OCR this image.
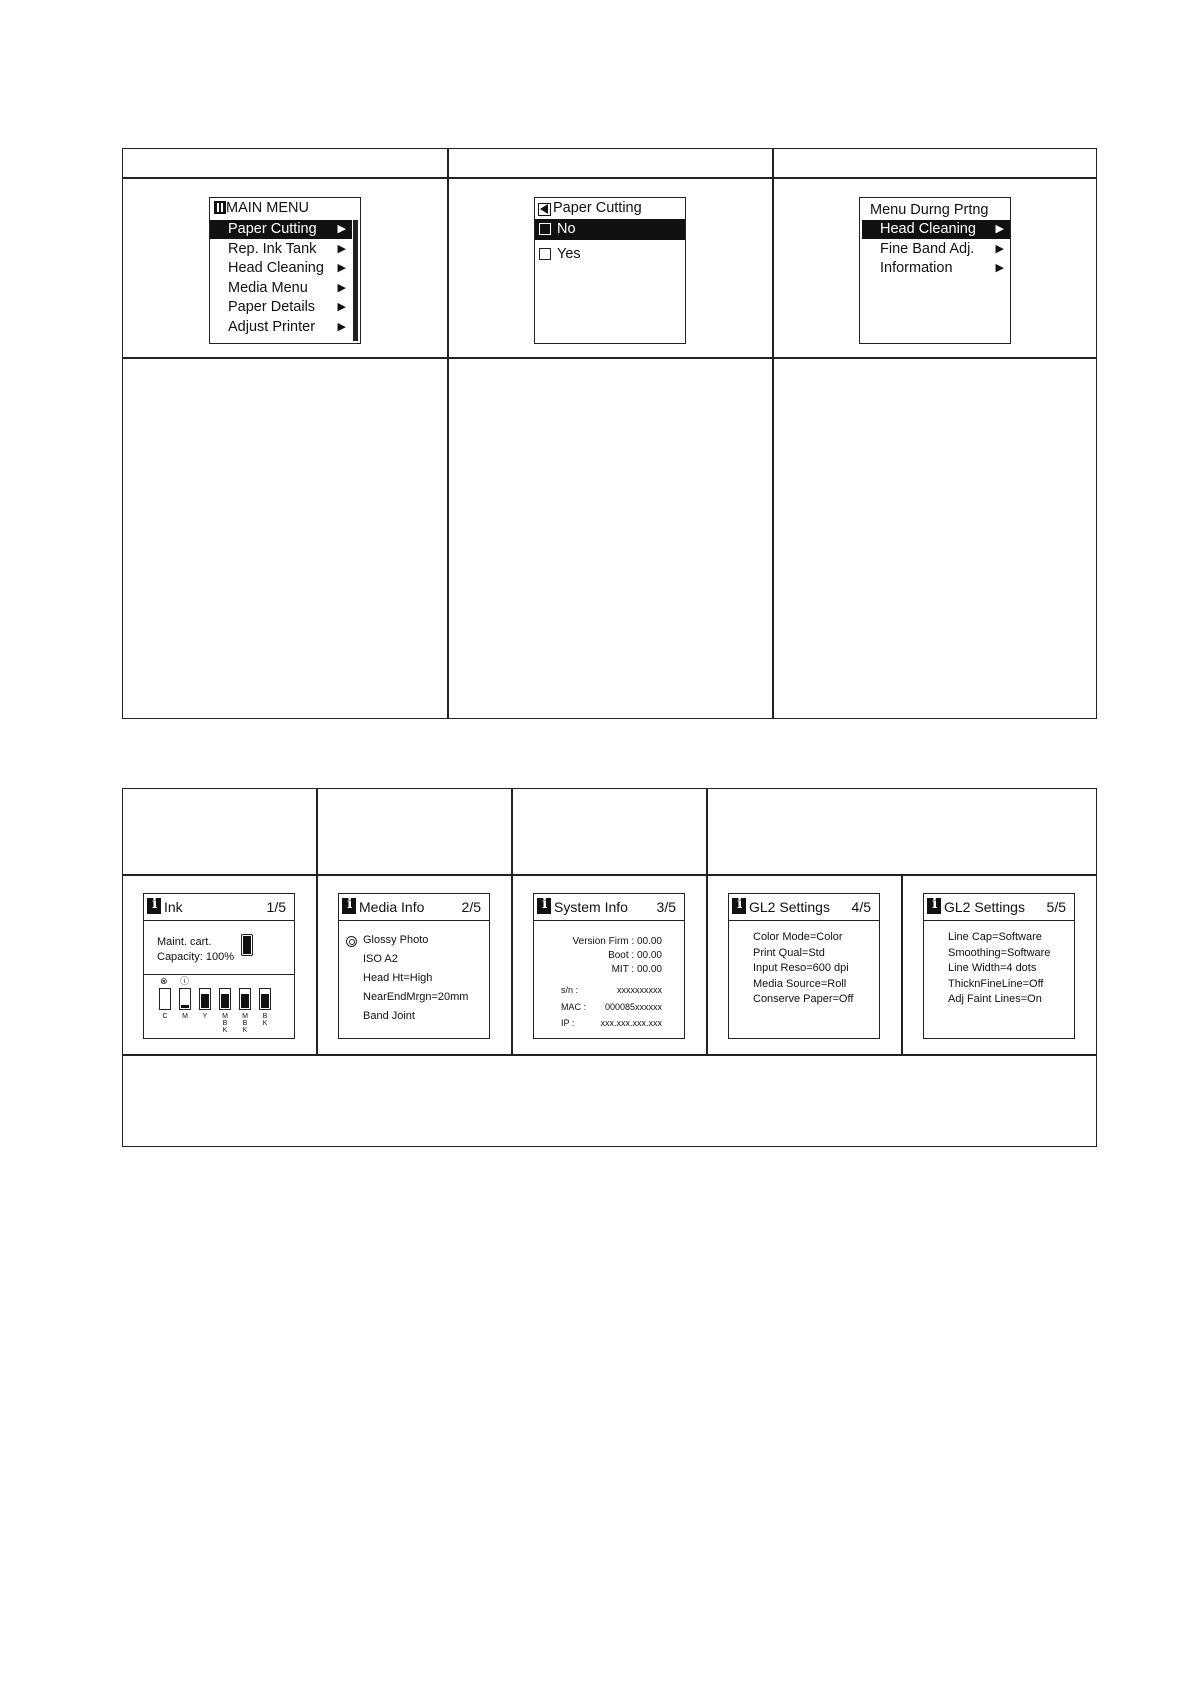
MAIN MENU
Paper Cutting ▶
Rep. Ink Tank ▶
Head Cleaning ▶
Media Menu	▶
Paper Details ▶
Adjust Printer ▶
Paper Cutting
No
Yes
Menu Durng Prtng
Head Cleaning ▶
Fine Band Adj. ▶
Information	▶
i
Ink	1/5
Maint. cart.
Capacity: 100%
⊗ ⓘ
C	M	Y	M
B
K
M
B
K
B
K
i
Media Info	2/5
Glossy Photo
ISO A2
Head Ht=High
NearEndMrgn=20mm
Band Joint
i
System Info 3/5
Version Firm : 00.00
Boot : 00.00
MIT : 00.00
s/n :	xxxxxxxxxx
MAC : 000085xxxxxx
IP :	xxx.xxx.xxx.xxx
i
GL2 Settings 4/5
Color Mode=Color
Print Qual=Std
Input Reso=600 dpi
Media Source=Roll
Conserve Paper=Off
i
GL2 Settings 5/5
Line Cap=Software
Smoothing=Software
Line Width=4 dots
ThicknFineLine=Off
Adj Faint Lines=On
